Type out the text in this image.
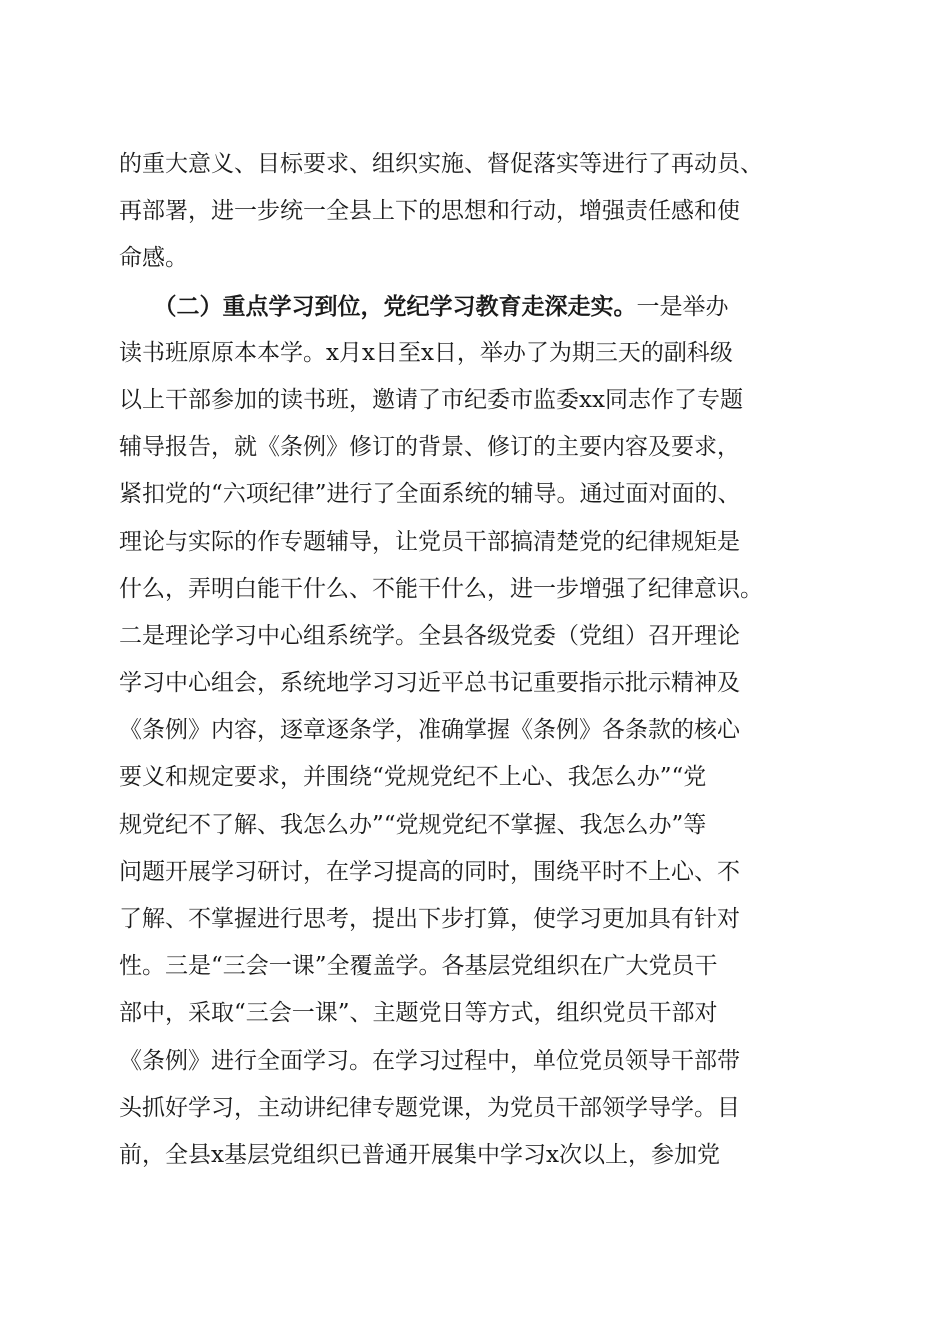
的重大意义、目标要求、组织实施、督促落实等进行了再动员、
再部署，进一步统一全县上下的思想和行动，增强责任感和使
命感。
　　（二）重点学习到位，党纪学习教育走深走实。一是举办
读书班原原本本学。x月x日至x日，举办了为期三天的副科级
以上干部参加的读书班，邀请了市纪委市监委xx同志作了专题
辅导报告，就《条例》修订的背景、修订的主要内容及要求，
紧扣党的“六项纪律”进行了全面系统的辅导。通过面对面的、
理论与实际的作专题辅导，让党员干部搞清楚党的纪律规矩是
什么，弄明白能干什么、不能干什么，进一步增强了纪律意识。
二是理论学习中心组系统学。全县各级党委（党组）召开理论
学习中心组会，系统地学习习近平总书记重要指示批示精神及
《条例》内容，逐章逐条学，准确掌握《条例》各条款的核心
要义和规定要求，并围绕“党规党纪不上心、我怎么办”“党
规党纪不了解、我怎么办”“党规党纪不掌握、我怎么办”等
问题开展学习研讨，在学习提高的同时，围绕平时不上心、不
了解、不掌握进行思考，提出下步打算，使学习更加具有针对
性。三是“三会一课”全覆盖学。各基层党组织在广大党员干
部中，采取“三会一课”、主题党日等方式，组织党员干部对
《条例》进行全面学习。在学习过程中，单位党员领导干部带
头抓好学习，主动讲纪律专题党课，为党员干部领学导学。目
前，全县x基层党组织已普通开展集中学习x次以上，参加党
